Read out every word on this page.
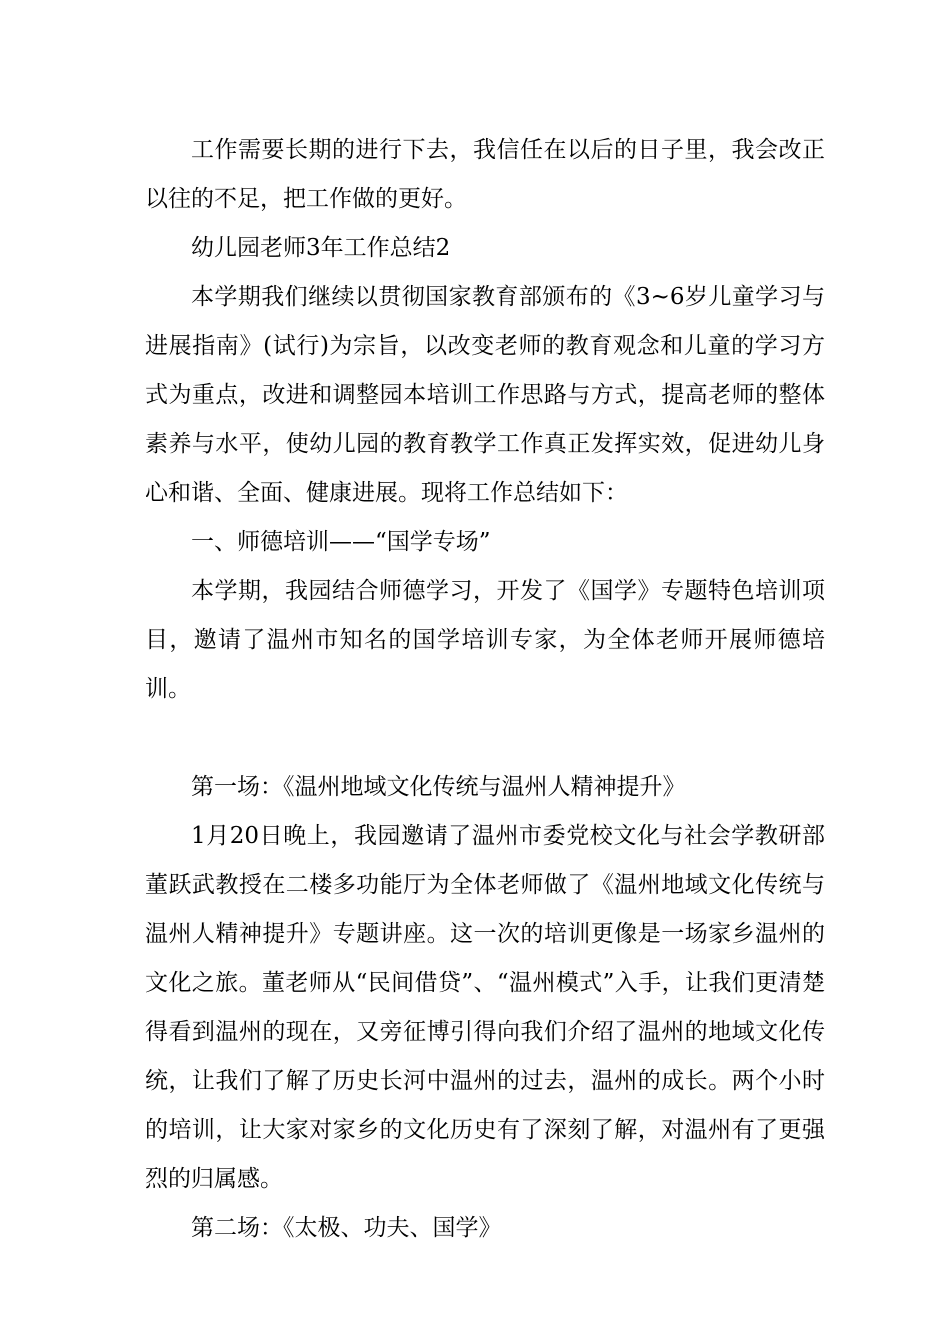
工作需要长期的进行下去，我信任在以后的日子里，我会改正以往的不足，把工作做的更好。

幼儿园老师3年工作总结2

本学期我们继续以贯彻国家教育部颁布的《3~6岁儿童学习与进展指南》(试行)为宗旨，以改变老师的教育观念和儿童的学习方式为重点，改进和调整园本培训工作思路与方式，提高老师的整体素养与水平，使幼儿园的教育教学工作真正发挥实效，促进幼儿身心和谐、全面、健康进展。现将工作总结如下：

一、师德培训——“国学专场”

本学期，我园结合师德学习，开发了《国学》专题特色培训项目，邀请了温州市知名的国学培训专家，为全体老师开展师德培训。

第一场：《温州地域文化传统与温州人精神提升》

1月20日晚上，我园邀请了温州市委党校文化与社会学教研部董跃武教授在二楼多功能厅为全体老师做了《温州地域文化传统与温州人精神提升》专题讲座。这一次的培训更像是一场家乡温州的文化之旅。董老师从“民间借贷”、“温州模式”入手，让我们更清楚得看到温州的现在，又旁征博引得向我们介绍了温州的地域文化传统，让我们了解了历史长河中温州的过去，温州的成长。两个小时的培训，让大家对家乡的文化历史有了深刻了解，对温州有了更强烈的归属感。

第二场：《太极、功夫、国学》
